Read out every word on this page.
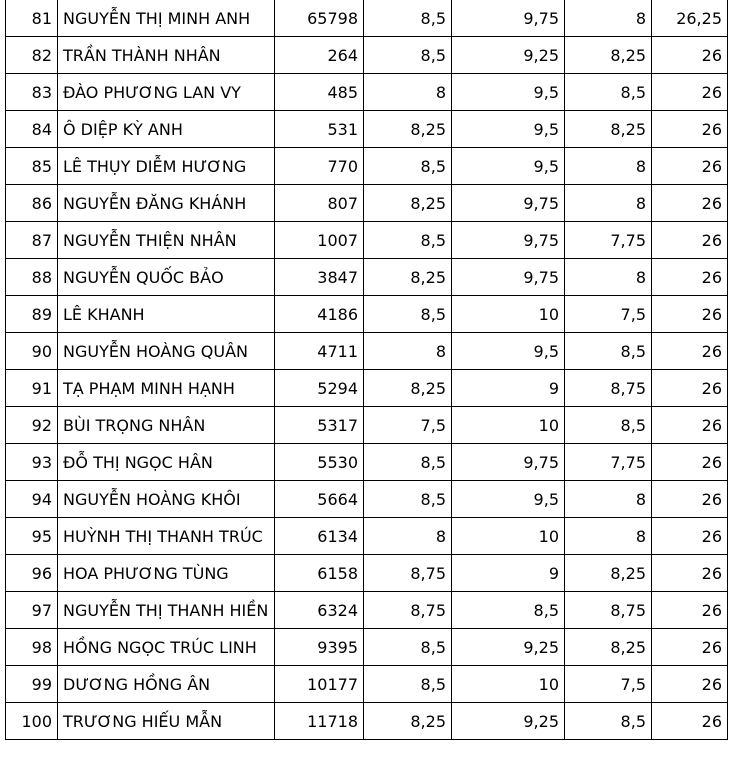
81	NGUYỄN THỊ MINH ANH	65798	8,5	9,75	8	26,25
82	TRẦN THÀNH NHÂN	264	8,5	9,25	8,25	26
83	ĐÀO PHƯƠNG LAN VY	485	8	9,5	8,5	26
84	Ô DIỆP KỲ ANH	531	8,25	9,5	8,25	26
85	LÊ THỤY DIỄM HƯƠNG	770	8,5	9,5	8	26
86	NGUYỄN ĐĂNG KHÁNH	807	8,25	9,75	8	26
87	NGUYỄN THIỆN NHÂN	1007	8,5	9,75	7,75	26
88	NGUYỄN QUỐC BẢO	3847	8,25	9,75	8	26
89	LÊ KHANH	4186	8,5	10	7,5	26
90	NGUYỄN HOÀNG QUÂN	4711	8	9,5	8,5	26
91	TẠ PHẠM MINH HẠNH	5294	8,25	9	8,75	26
92	BÙI TRỌNG NHÂN	5317	7,5	10	8,5	26
93	ĐỖ THỊ NGỌC HÂN	5530	8,5	9,75	7,75	26
94	NGUYỄN HOÀNG KHÔI	5664	8,5	9,5	8	26
95	HUỲNH THỊ THANH TRÚC	6134	8	10	8	26
96	HOA PHƯƠNG TÙNG	6158	8,75	9	8,25	26
97	NGUYỄN THỊ THANH HIỀN	6324	8,75	8,5	8,75	26
98	HỒNG NGỌC TRÚC LINH	9395	8,5	9,25	8,25	26
99	DƯƠNG HỒNG ÂN	10177	8,5	10	7,5	26
100	TRƯƠNG HIẾU MẪN	11718	8,25	9,25	8,5	26
